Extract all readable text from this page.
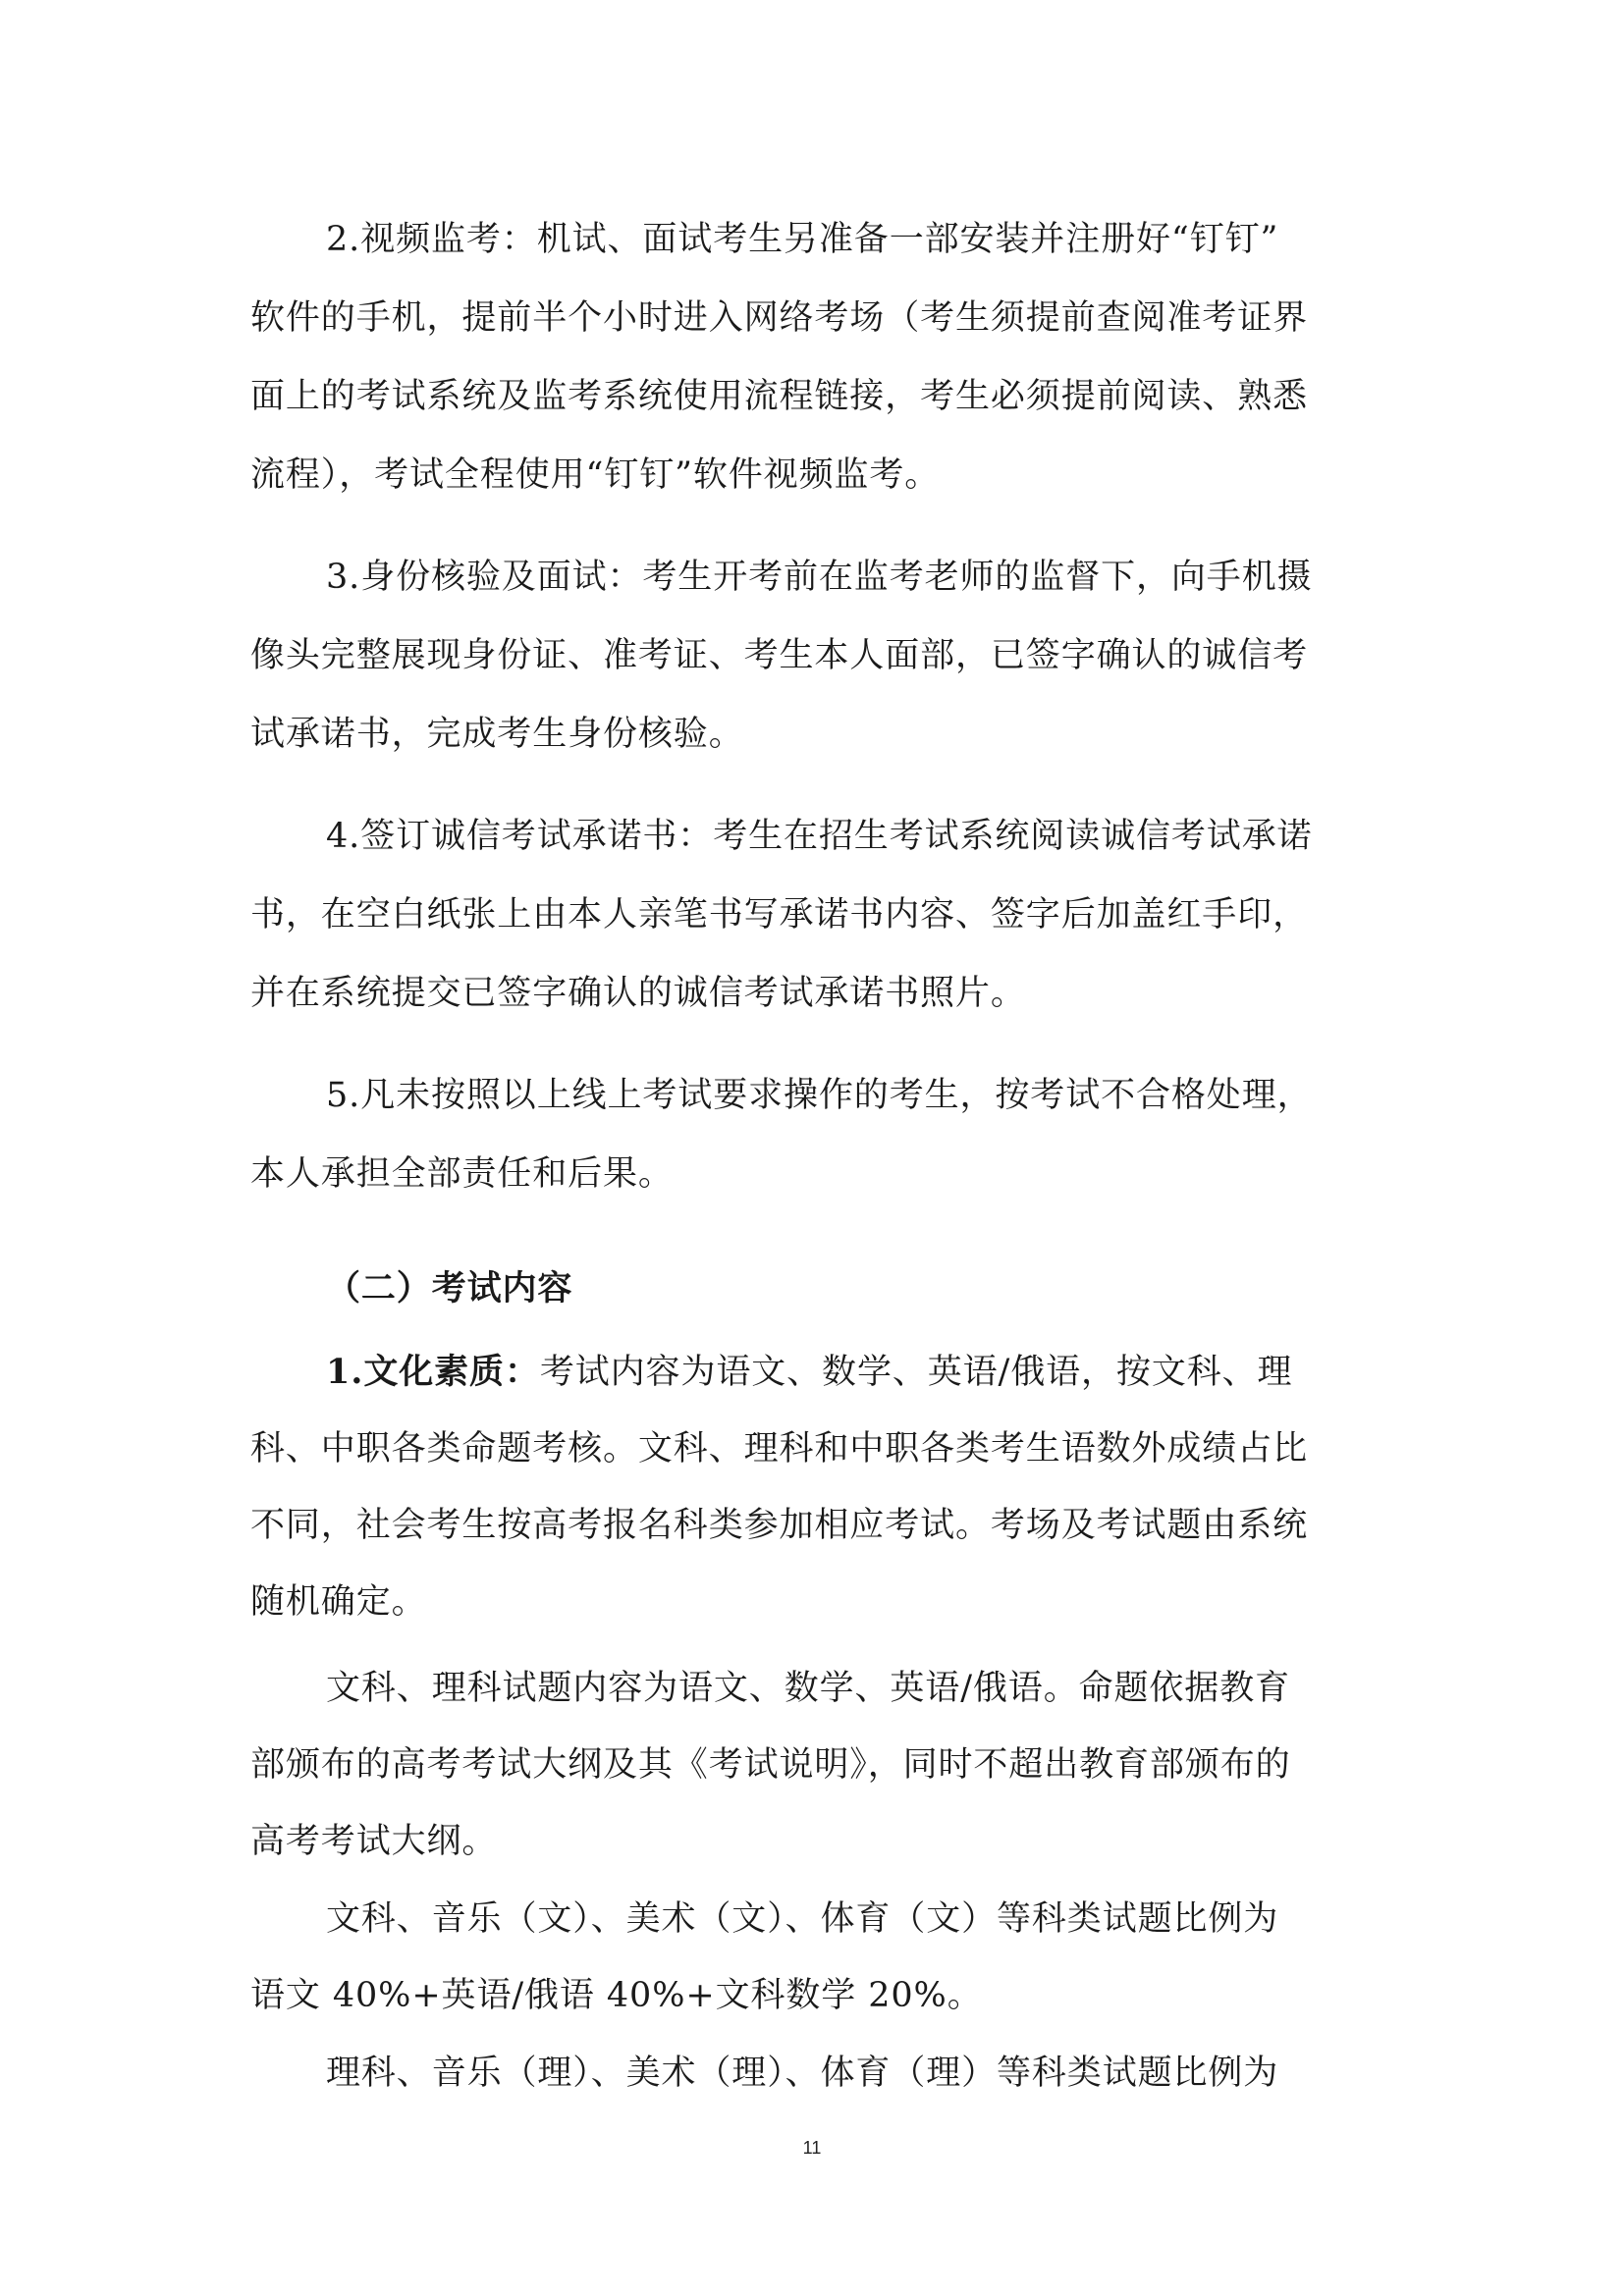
2.视频监考：机试、面试考生另准备一部安装并注册好“钉钉”
软件的手机，提前半个小时进入网络考场（考生须提前查阅准考证界
面上的考试系统及监考系统使用流程链接，考生必须提前阅读、熟悉
流程），考试全程使用“钉钉”软件视频监考。
3.身份核验及面试：考生开考前在监考老师的监督下，向手机摄
像头完整展现身份证、准考证、考生本人面部，已签字确认的诚信考
试承诺书，完成考生身份核验。
4.签订诚信考试承诺书：考生在招生考试系统阅读诚信考试承诺
书，在空白纸张上由本人亲笔书写承诺书内容、签字后加盖红手印，
并在系统提交已签字确认的诚信考试承诺书照片。
5.凡未按照以上线上考试要求操作的考生，按考试不合格处理，
本人承担全部责任和后果。
（二）考试内容
1.文化素质：考试内容为语文、数学、英语/俄语，按文科、理
科、中职各类命题考核。文科、理科和中职各类考生语数外成绩占比
不同，社会考生按高考报名科类参加相应考试。考场及考试题由系统
随机确定。
文科、理科试题内容为语文、数学、英语/俄语。命题依据教育
部颁布的高考考试大纲及其《考试说明》，同时不超出教育部颁布的
高考考试大纲。
文科、音乐（文）、美术（文）、体育（文）等科类试题比例为
语文 40%+英语/俄语 40%+文科数学 20%。
理科、音乐（理）、美术（理）、体育（理）等科类试题比例为
11
